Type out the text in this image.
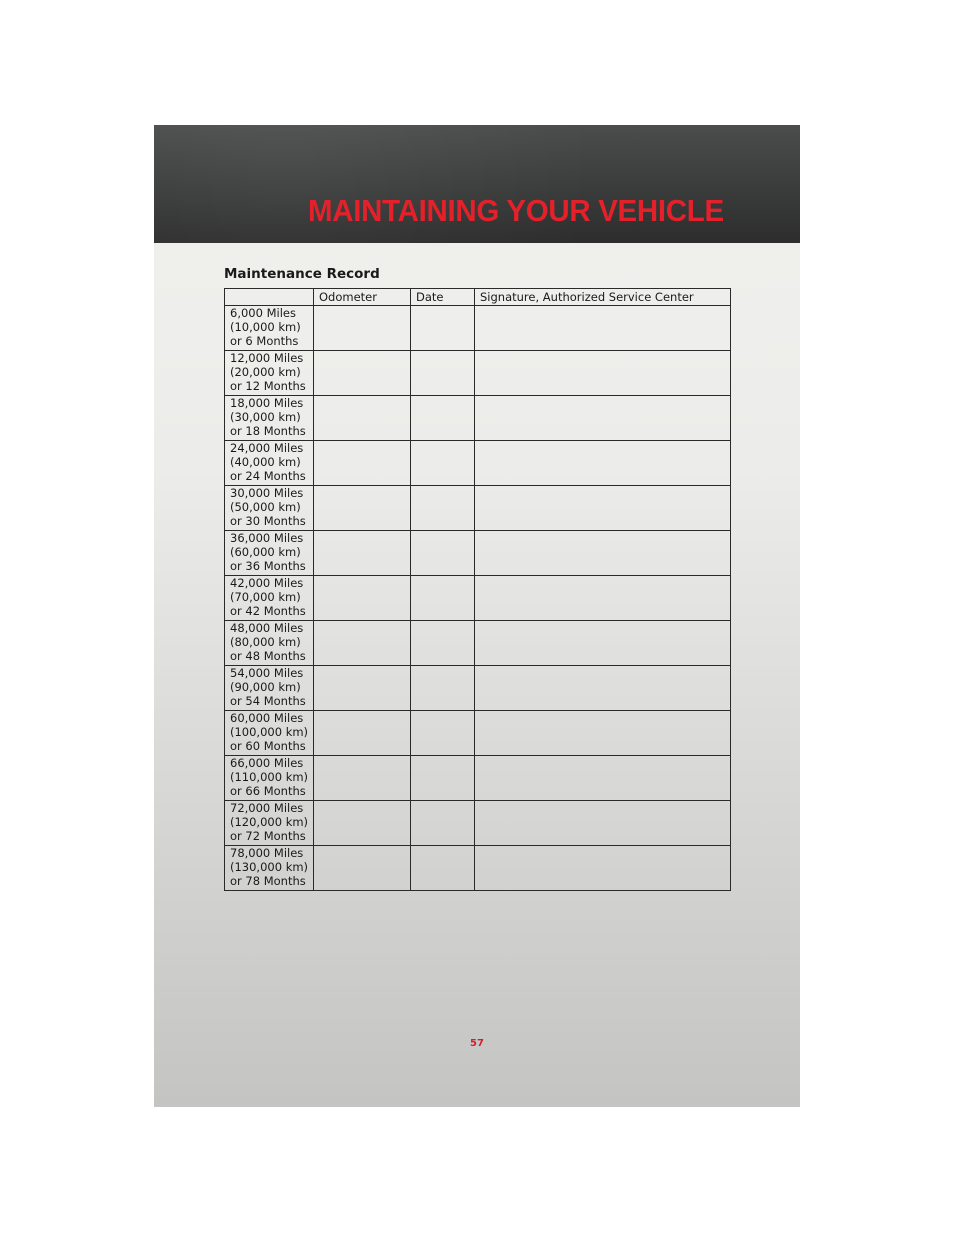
MAINTAINING YOUR VEHICLE
Maintenance Record
	Odometer	Date	Signature, Authorized Service Center

6,000 Miles
(10,000 km)
or 6 Months			

12,000 Miles
(20,000 km)
or 12 Months			

18,000 Miles
(30,000 km)
or 18 Months			

24,000 Miles
(40,000 km)
or 24 Months			

30,000 Miles
(50,000 km)
or 30 Months			

36,000 Miles
(60,000 km)
or 36 Months			

42,000 Miles
(70,000 km)
or 42 Months			

48,000 Miles
(80,000 km)
or 48 Months			

54,000 Miles
(90,000 km)
or 54 Months			

60,000 Miles
(100,000 km)
or 60 Months			

66,000 Miles
(110,000 km)
or 66 Months			

72,000 Miles
(120,000 km)
or 72 Months			

78,000 Miles
(130,000 km)
or 78 Months			

57
